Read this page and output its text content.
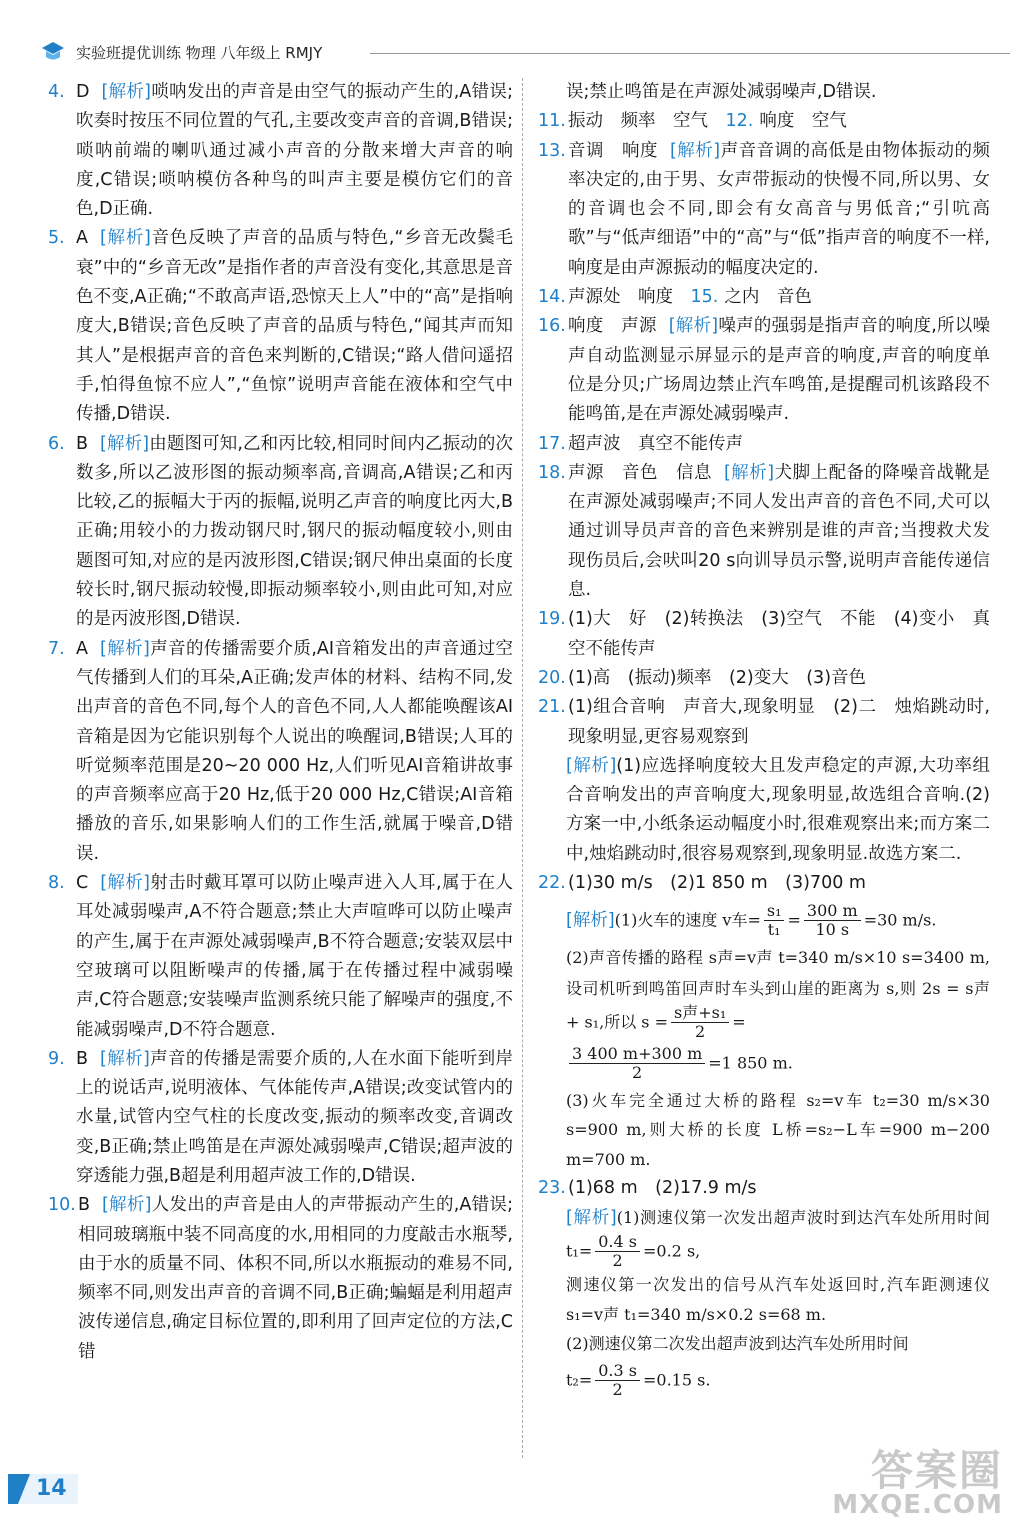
实验班提优训练 物理 八年级上 RMJY
4. D [解析]唢呐发出的声音是由空气的振动产生的,A错误;吹奏时按压不同位置的气孔,主要改变声音的音调,B错误;唢呐前端的喇叭通过减小声音的分散来增大声音的响度,C错误;唢呐模仿各种鸟的叫声主要是模仿它们的音色,D正确.
5. A [解析]音色反映了声音的品质与特色,“乡音无改鬓毛衰”中的“乡音无改”是指作者的声音没有变化,其意思是音色不变,A正确;“不敢高声语,恐惊天上人”中的“高”是指响度大,B错误;音色反映了声音的品质与特色,“闻其声而知其人”是根据声音的音色来判断的,C错误;“路人借问遥招手,怕得鱼惊不应人”,“鱼惊”说明声音能在液体和空气中传播,D错误.
6. B [解析]由题图可知,乙和丙比较,相同时间内乙振动的次数多,所以乙波形图的振动频率高,音调高,A错误;乙和丙比较,乙的振幅大于丙的振幅,说明乙声音的响度比丙大,B正确;用较小的力拨动钢尺时,钢尺的振动幅度较小,则由题图可知,对应的是丙波形图,C错误;钢尺伸出桌面的长度较长时,钢尺振动较慢,即振动频率较小,则由此可知,对应的是丙波形图,D错误.
7. A [解析]声音的传播需要介质,AI音箱发出的声音通过空气传播到人们的耳朵,A正确;发声体的材料、结构不同,发出声音的音色不同,每个人的音色不同,人人都能唤醒该AI音箱是因为它能识别每个人说出的唤醒词,B错误;人耳的听觉频率范围是20~20 000 Hz,人们听见AI音箱讲故事的声音频率应高于20 Hz,低于20 000 Hz,C错误;AI音箱播放的音乐,如果影响人们的工作生活,就属于噪音,D错误.
8. C [解析]射击时戴耳罩可以防止噪声进入人耳,属于在人耳处减弱噪声,A不符合题意;禁止大声喧哗可以防止噪声的产生,属于在声源处减弱噪声,B不符合题意;安装双层中空玻璃可以阻断噪声的传播,属于在传播过程中减弱噪声,C符合题意;安装噪声监测系统只能了解噪声的强度,不能减弱噪声,D不符合题意.
9. B [解析]声音的传播是需要介质的,人在水面下能听到岸上的说话声,说明液体、气体能传声,A错误;改变试管内的水量,试管内空气柱的长度改变,振动的频率改变,音调改变,B正确;禁止鸣笛是在声源处减弱噪声,C错误;超声波的穿透能力强,B超是利用超声波工作的,D错误.
10. B [解析]人发出的声音是由人的声带振动产生的,A错误;相同玻璃瓶中装不同高度的水,用相同的力度敲击水瓶琴,由于水的质量不同、体积不同,所以水瓶振动的难易不同,频率不同,则发出声音的音调不同,B正确;蝙蝠是利用超声波传递信息,确定目标位置的,即利用了回声定位的方法,C错

误;禁止鸣笛是在声源处减弱噪声,D错误.

11. 振动　频率　空气　12. 响度　空气
13. 音调　响度 [解析]声音音调的高低是由物体振动的频率决定的,由于男、女声带振动的快慢不同,所以男、女的音调也会不同,即会有女高音与男低音;“引吭高歌”与“低声细语”中的“高”与“低”指声音的响度不一样,响度是由声源振动的幅度决定的.
14. 声源处　响度　15. 之内　音色
16. 响度　声源 [解析]噪声的强弱是指声音的响度,所以噪声自动监测显示屏显示的是声音的响度,声音的响度单位是分贝;广场周边禁止汽车鸣笛,是提醒司机该路段不能鸣笛,是在声源处减弱噪声.
17. 超声波　真空不能传声
18. 声源　音色　信息 [解析]犬脚上配备的降噪音战靴是在声源处减弱噪声;不同人发出声音的音色不同,犬可以通过训导员声音的音色来辨别是谁的声音;当搜救犬发现伤员后,会吠叫20 s向训导员示警,说明声音能传递信息.
19. (1)大　好　(2)转换法　(3)空气　不能　(4)变小　真空不能传声
20. (1)高　(振动)频率　(2)变大　(3)音色
21. (1)组合音响　声音大,现象明显　(2)二　烛焰跳动时,现象明显,更容易观察到

[解析](1)应选择响度较大且发声稳定的声源,大功率组合音响发出的声音响度大,现象明显,故选组合音响.(2)方案一中,小纸条运动幅度小时,很难观察出来;而方案二中,烛焰跳动时,很容易观察到,现象明显.故选方案二.

22. (1)30 m/s　(2)1 850 m　(3)700 m
[解析](1)火车的速度 v车= $\frac{\text{s₁}}{\text{t₁}} = \frac{300 m}{10 s} =30$ m/s.

(2)声音传播的路程 s声=v声 t=340 m/s×10 s=3400 m,设司机听到鸣笛回声时车头到山崖的距离为 s,则 2s = s声 + s₁,所以 $s = \frac{\text{s声+s₁}}{2}$ =

$\frac{3 400 m+300 m}{2} =1$ 850 m.

(3)火车完全通过大桥的路程 s₂=v车 t₂=30 m/s×30 s=900 m,则大桥的长度 L桥=s₂−L车=900 m−200 m=700 m.

23. (1)68 m　(2)17.9 m/s

[解析](1)测速仪第一次发出超声波时到达汽车处所用时间 $t_1= \frac{0.4 s}{2} =0.2$ s,

测速仪第一次发出的信号从汽车处返回时,汽车距测速仪 s₁=v声 t₁=340 m/s×0.2 s=68 m.

(2)测速仪第二次发出超声波到达汽车处所用时间

$t_2= \frac{0.3 s}{2} =0.15$ s.
14	答案圈
MXQE.COM
